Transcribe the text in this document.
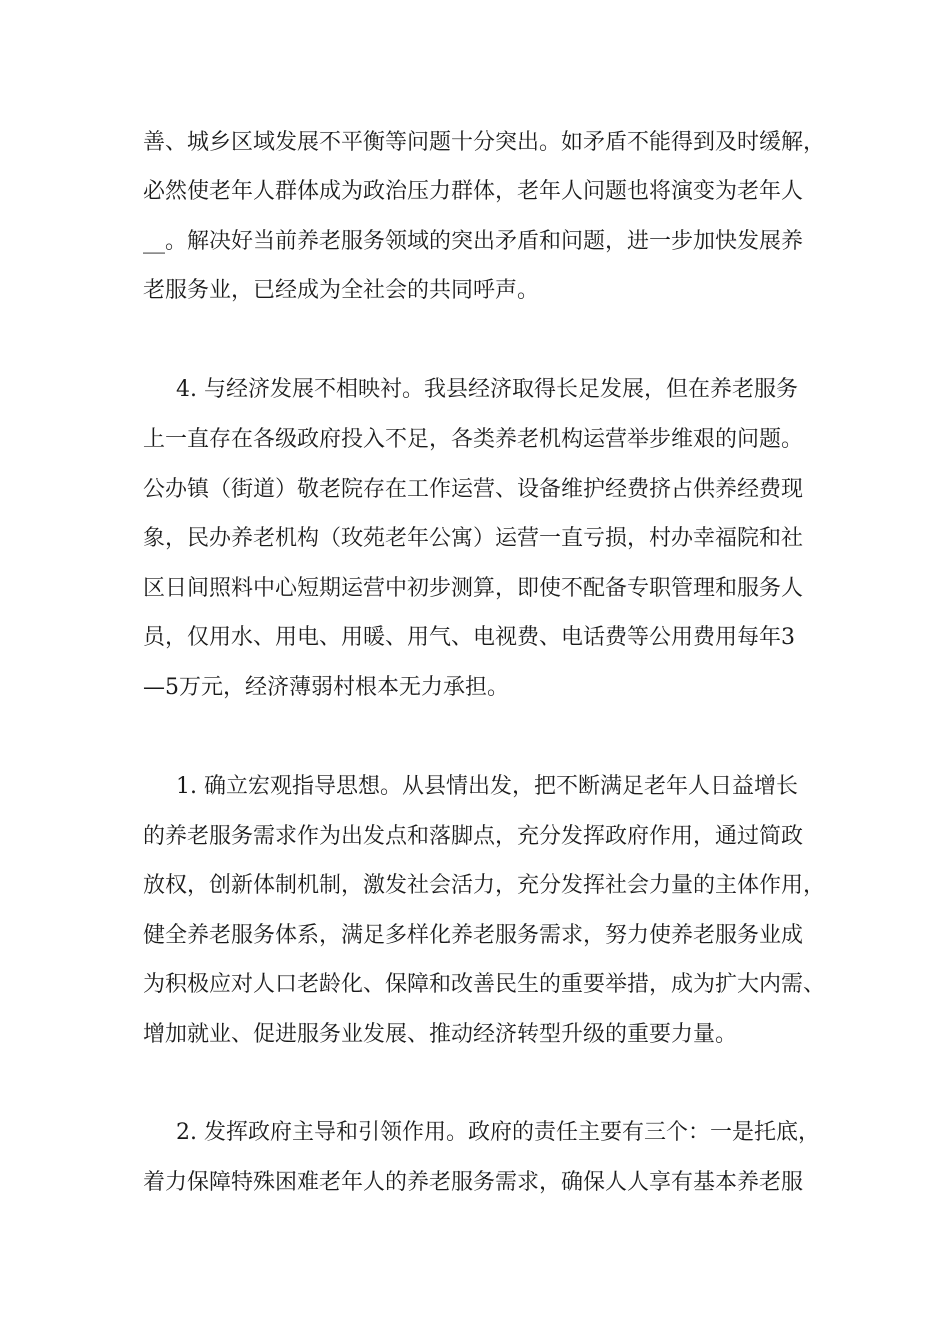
善、城乡区域发展不平衡等问题十分突出。如矛盾不能得到及时缓解，
必然使老年人群体成为政治压力群体，老年人问题也将演变为老年人
__。解决好当前养老服务领域的突出矛盾和问题，进一步加快发展养
老服务业，已经成为全社会的共同呼声。
4. 与经济发展不相映衬。我县经济取得长足发展，但在养老服务
上一直存在各级政府投入不足，各类养老机构运营举步维艰的问题。
公办镇（街道）敬老院存在工作运营、设备维护经费挤占供养经费现
象，民办养老机构（玫苑老年公寓）运营一直亏损，村办幸福院和社
区日间照料中心短期运营中初步测算，即使不配备专职管理和服务人
员，仅用水、用电、用暖、用气、电视费、电话费等公用费用每年3
—5万元，经济薄弱村根本无力承担。
1. 确立宏观指导思想。从县情出发，把不断满足老年人日益增长
的养老服务需求作为出发点和落脚点，充分发挥政府作用，通过简政
放权，创新体制机制，激发社会活力，充分发挥社会力量的主体作用，
健全养老服务体系，满足多样化养老服务需求，努力使养老服务业成
为积极应对人口老龄化、保障和改善民生的重要举措，成为扩大内需、
增加就业、促进服务业发展、推动经济转型升级的重要力量。
2. 发挥政府主导和引领作用。政府的责任主要有三个：一是托底，
着力保障特殊困难老年人的养老服务需求，确保人人享有基本养老服
